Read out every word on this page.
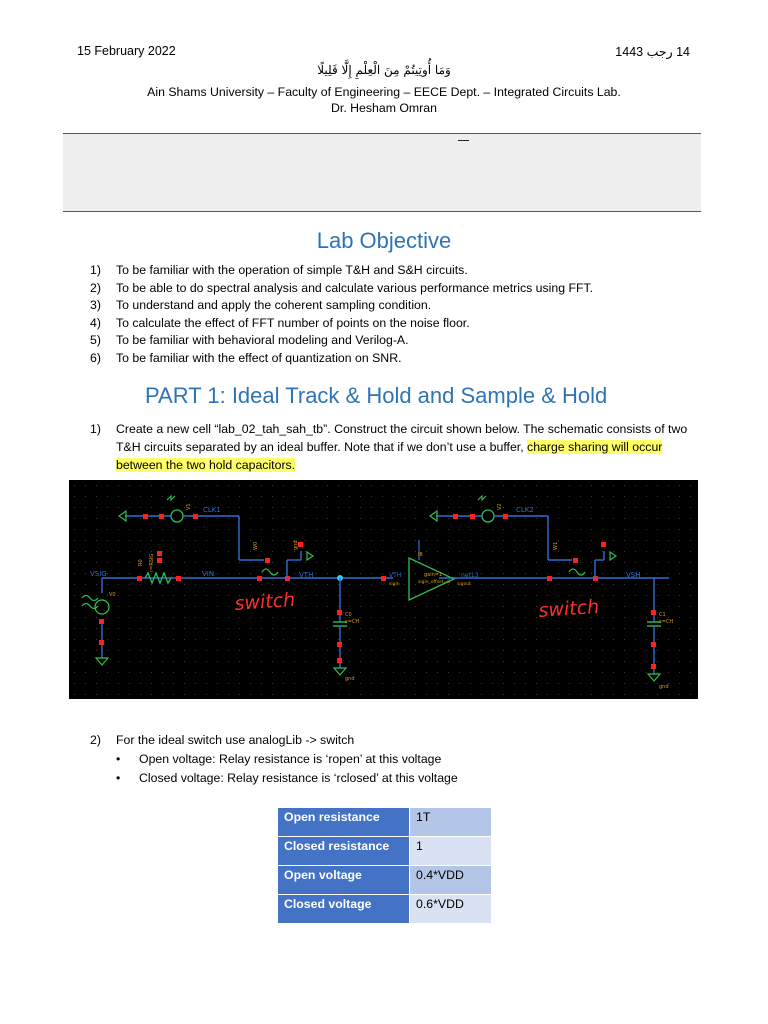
15 February 2022	14 رجب 1443
وَمَا أُوتِيتُمْ مِنَ الْعِلْمِ إِلَّا قَلِيلًا
Ain Shams University – Faculty of Engineering – EECE Dept. – Integrated Circuits Lab.
Dr. Hesham Omran
Lab Objective
1) To be familiar with the operation of simple T&H and S&H circuits.
2) To be able to do spectral analysis and calculate various performance metrics using FFT.
3) To understand and apply the coherent sampling condition.
4) To calculate the effect of FFT number of points on the noise floor.
5) To be familiar with behavioral modeling and Verilog-A.
6) To be familiar with the effect of quantization on SNR.
PART 1: Ideal Track & Hold and Sample & Hold
1) Create a new cell “lab_02_tah_sah_tb”. Construct the circuit shown below. The schematic consists of two T&H circuits separated by an ideal buffer. Note that if we don’t use a buffer, charge sharing will occur between the two hold capacitors.
V0
R0 r=RSIG
VSIG	VIN
V1 CLK1
W0	gnd
VTH
C0
c=CH
gnd
I8
VTH
sigin
gain=1
sigin_offset=0 sigout
net13
V2 CLK2
W1
VSH
C1
c=CH
gnd
switch	switch
2) For the ideal switch use analogLib -> switch
• Open voltage: Relay resistance is ‘ropen’ at this voltage
• Closed voltage: Relay resistance is ‘rclosed’ at this voltage
Open resistance	1T
Closed resistance	1
Open voltage	0.4*VDD
Closed voltage	0.6*VDD
